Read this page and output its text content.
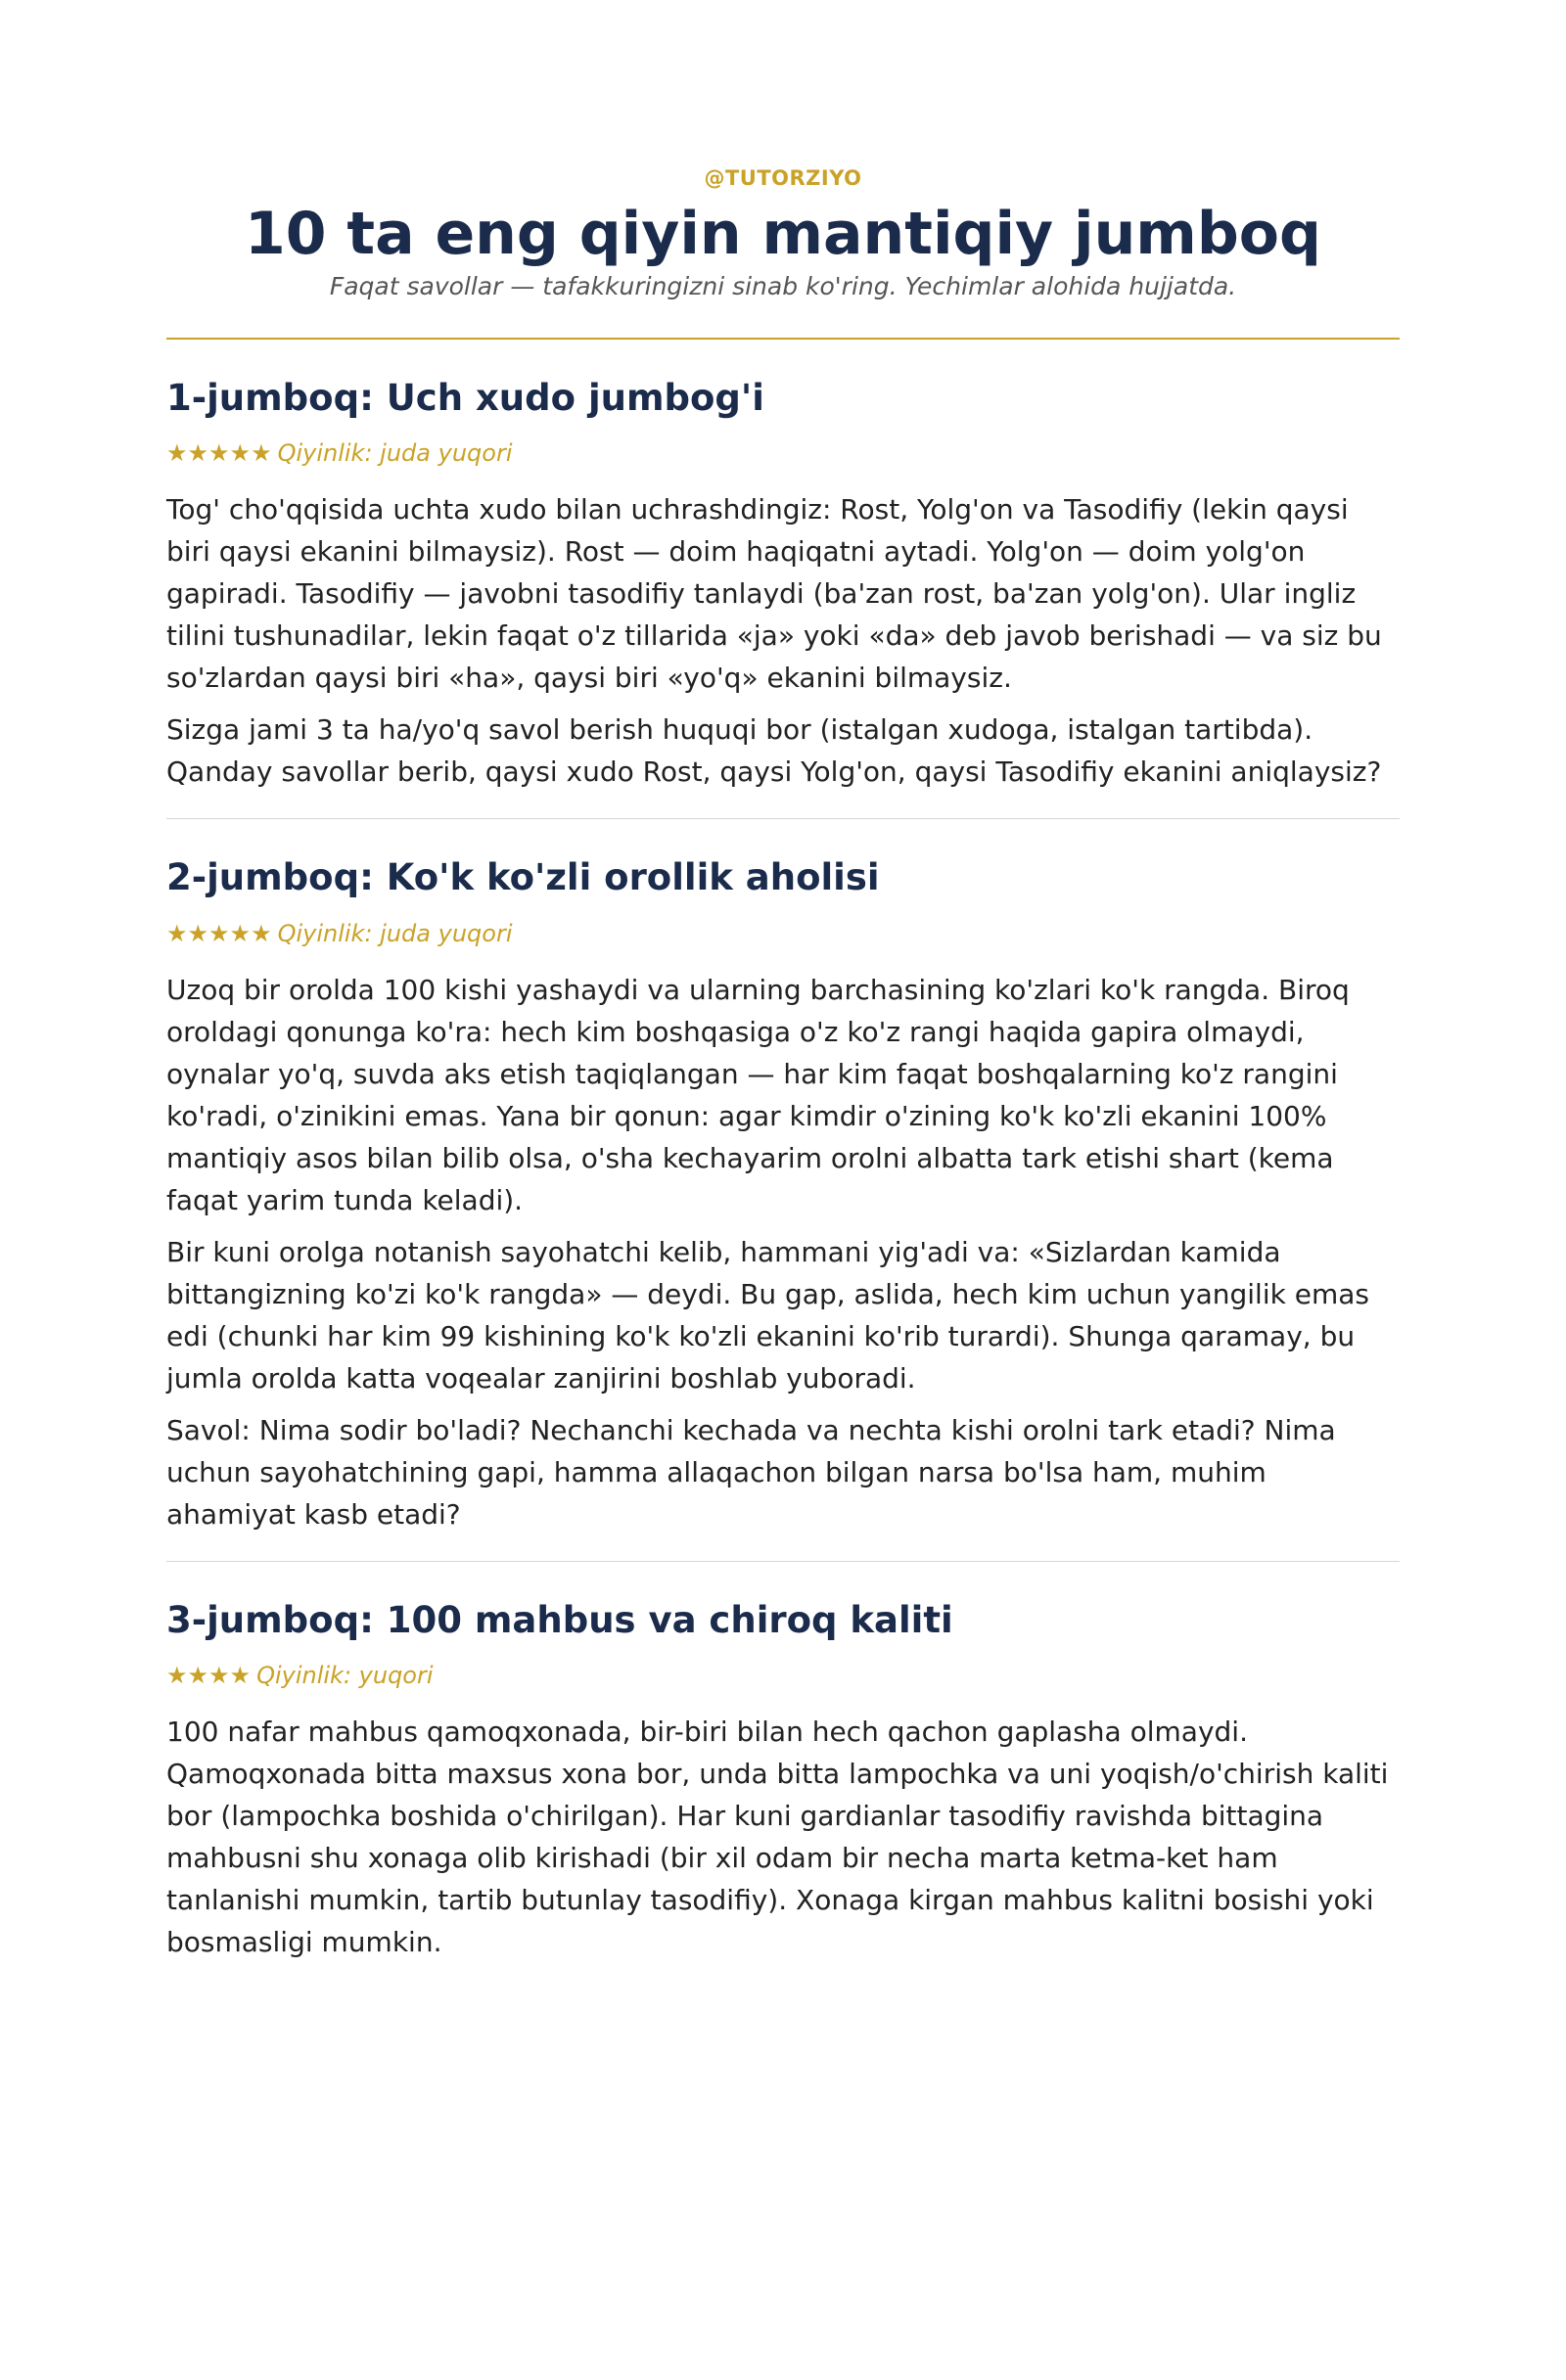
@TUTORZIYO
10 ta eng qiyin mantiqiy jumboq
Faqat savollar — tafakkuringizni sinab ko'ring. Yechimlar alohida hujjatda.
1-jumboq: Uch xudo jumbog'i
★★★★★ Qiyinlik: juda yuqori

Tog' cho'qqisida uchta xudo bilan uchrashdingiz: Rost, Yolg'on va Tasodifiy (lekin qaysi biri qaysi ekanini bilmaysiz). Rost — doim haqiqatni aytadi. Yolg'on — doim yolg'on gapiradi. Tasodifiy — javobni tasodifiy tanlaydi (ba'zan rost, ba'zan yolg'on). Ular ingliz tilini tushunadilar, lekin faqat o'z tillarida «ja» yoki «da» deb javob berishadi — va siz bu so'zlardan qaysi biri «ha», qaysi biri «yo'q» ekanini bilmaysiz.

Sizga jami 3 ta ha/yo'q savol berish huquqi bor (istalgan xudoga, istalgan tartibda). Qanday savollar berib, qaysi xudo Rost, qaysi Yolg'on, qaysi Tasodifiy ekanini aniqlaysiz?

2-jumboq: Ko'k ko'zli orollik aholisi
★★★★★ Qiyinlik: juda yuqori

Uzoq bir orolda 100 kishi yashaydi va ularning barchasining ko'zlari ko'k rangda. Biroq oroldagi qonunga ko'ra: hech kim boshqasiga o'z ko'z rangi haqida gapira olmaydi, oynalar yo'q, suvda aks etish taqiqlangan — har kim faqat boshqalarning ko'z rangini ko'radi, o'zinikini emas. Yana bir qonun: agar kimdir o'zining ko'k ko'zli ekanini 100% mantiqiy asos bilan bilib olsa, o'sha kechayarim orolni albatta tark etishi shart (kema faqat yarim tunda keladi).

Bir kuni orolga notanish sayohatchi kelib, hammani yig'adi va: «Sizlardan kamida bittangizning ko'zi ko'k rangda» — deydi. Bu gap, aslida, hech kim uchun yangilik emas edi (chunki har kim 99 kishining ko'k ko'zli ekanini ko'rib turardi). Shunga qaramay, bu jumla orolda katta voqealar zanjirini boshlab yuboradi.

Savol: Nima sodir bo'ladi? Nechanchi kechada va nechta kishi orolni tark etadi? Nima uchun sayohatchining gapi, hamma allaqachon bilgan narsa bo'lsa ham, muhim ahamiyat kasb etadi?

3-jumboq: 100 mahbus va chiroq kaliti
★★★★ Qiyinlik: yuqori

100 nafar mahbus qamoqxonada, bir-biri bilan hech qachon gaplasha olmaydi. Qamoqxonada bitta maxsus xona bor, unda bitta lampochka va uni yoqish/o'chirish kaliti bor (lampochka boshida o'chirilgan). Har kuni gardianlar tasodifiy ravishda bittagina mahbusni shu xonaga olib kirishadi (bir xil odam bir necha marta ketma-ket ham tanlanishi mumkin, tartib butunlay tasodifiy). Xonaga kirgan mahbus kalitni bosishi yoki bosmasligi mumkin.
